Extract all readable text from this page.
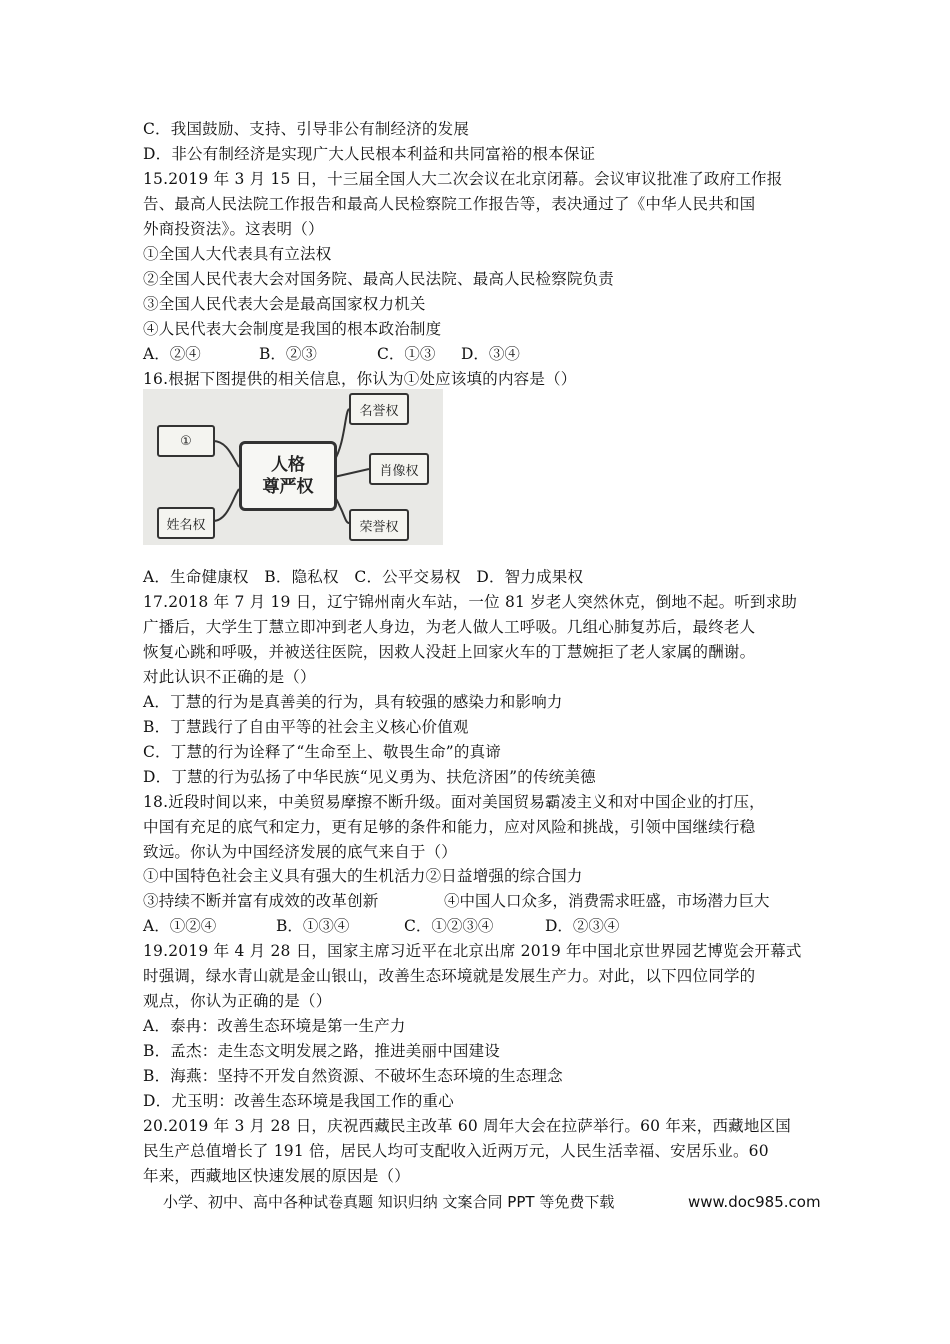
C．我国鼓励、支持、引导非公有制经济的发展
D．非公有制经济是实现广大人民根本利益和共同富裕的根本保证
15.2019 年 3 月 15 日，十三届全国人大二次会议在北京闭幕。会议审议批准了政府工作报
告、最高人民法院工作报告和最高人民检察院工作报告等，表决通过了《中华人民共和国
外商投资法》。这表明（）
①全国人大代表具有立法权
②全国人民代表大会对国务院、最高人民法院、最高人民检察院负责
③全国人民代表大会是最高国家权力机关
④人民代表大会制度是我国的根本政治制度
A．②④	B．②③	C．①③ D．③④
16.根据下图提供的相关信息，你认为①处应该填的内容是（）
①
姓名权
人格
尊严权
名誉权
肖像权
荣誉权
A．生命健康权　B．隐私权　C．公平交易权　D．智力成果权
17.2018 年 7 月 19 日，辽宁锦州南火车站，一位 81 岁老人突然休克，倒地不起。听到求助
广播后，大学生丁慧立即冲到老人身边，为老人做人工呼吸。几组心肺复苏后，最终老人
恢复心跳和呼吸，并被送往医院，因救人没赶上回家火车的丁慧婉拒了老人家属的酬谢。
对此认识不正确的是（）
A．丁慧的行为是真善美的行为，具有较强的感染力和影响力
B．丁慧践行了自由平等的社会主义核心价值观
C．丁慧的行为诠释了“生命至上、敬畏生命”的真谛
D．丁慧的行为弘扬了中华民族“见义勇为、扶危济困”的传统美德
18.近段时间以来，中美贸易摩擦不断升级。面对美国贸易霸凌主义和对中国企业的打压，
中国有充足的底气和定力，更有足够的条件和能力，应对风险和挑战，引领中国继续行稳
致远。你认为中国经济发展的底气来自于（）
①中国特色社会主义具有强大的生机活力②日益增强的综合国力
③持续不断并富有成效的改革创新	④中国人口众多，消费需求旺盛，市场潜力巨大
A．①②④	B．①③④	C．①②③④	D．②③④
19.2019 年 4 月 28 日，国家主席习近平在北京出席 2019 年中国北京世界园艺博览会开幕式
时强调，绿水青山就是金山银山，改善生态环境就是发展生产力。对此，以下四位同学的
观点，你认为正确的是（）
A．泰冉：改善生态环境是第一生产力
B．孟杰：走生态文明发展之路，推进美丽中国建设
B．海燕：坚持不开发自然资源、不破坏生态环境的生态理念
D．尤玉明：改善生态环境是我国工作的重心
20.2019 年 3 月 28 日，庆祝西藏民主改革 60 周年大会在拉萨举行。60 年来，西藏地区国
民生产总值增长了 191 倍，居民人均可支配收入近两万元，人民生活幸福、安居乐业。60
年来，西藏地区快速发展的原因是（）
小学、初中、高中各种试卷真题 知识归纳 文案合同 PPT 等免费下载	www.doc985.com
